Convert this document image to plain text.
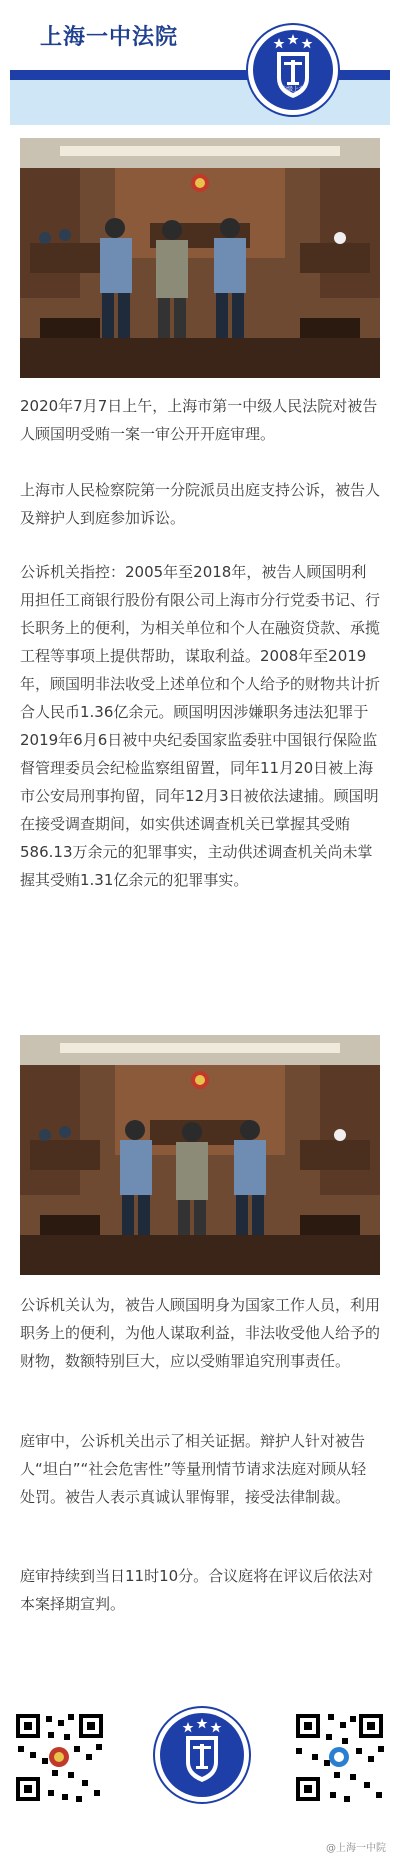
上海一中法院
中级上海

2020年7月7日上午，上海市第一中级人民法院对被告人顾国明受贿一案一审公开开庭审理。

上海市人民检察院第一分院派员出庭支持公诉，被告人及辩护人到庭参加诉讼。

公诉机关指控：2005年至2018年，被告人顾国明利用担任工商银行股份有限公司上海市分行党委书记、行长职务上的便利，为相关单位和个人在融资贷款、承揽工程等事项上提供帮助，谋取利益。2008年至2019年，顾国明非法收受上述单位和个人给予的财物共计折合人民币1.36亿余元。顾国明因涉嫌职务违法犯罪于2019年6月6日被中央纪委国家监委驻中国银行保险监督管理委员会纪检监察组留置，同年11月20日被上海市公安局刑事拘留，同年12月3日被依法逮捕。顾国明在接受调查期间，如实供述调查机关已掌握其受贿586.13万余元的犯罪事实，主动供述调查机关尚未掌握其受贿1.31亿余元的犯罪事实。

公诉机关认为，被告人顾国明身为国家工作人员，利用职务上的便利，为他人谋取利益，非法收受他人给予的财物，数额特别巨大，应以受贿罪追究刑事责任。

庭审中，公诉机关出示了相关证据。辩护人针对被告人“坦白”“社会危害性”等量刑情节请求法庭对顾从轻处罚。被告人表示真诚认罪悔罪，接受法律制裁。

庭审持续到当日11时10分。合议庭将在评议后依法对本案择期宣判。

@上海一中院
